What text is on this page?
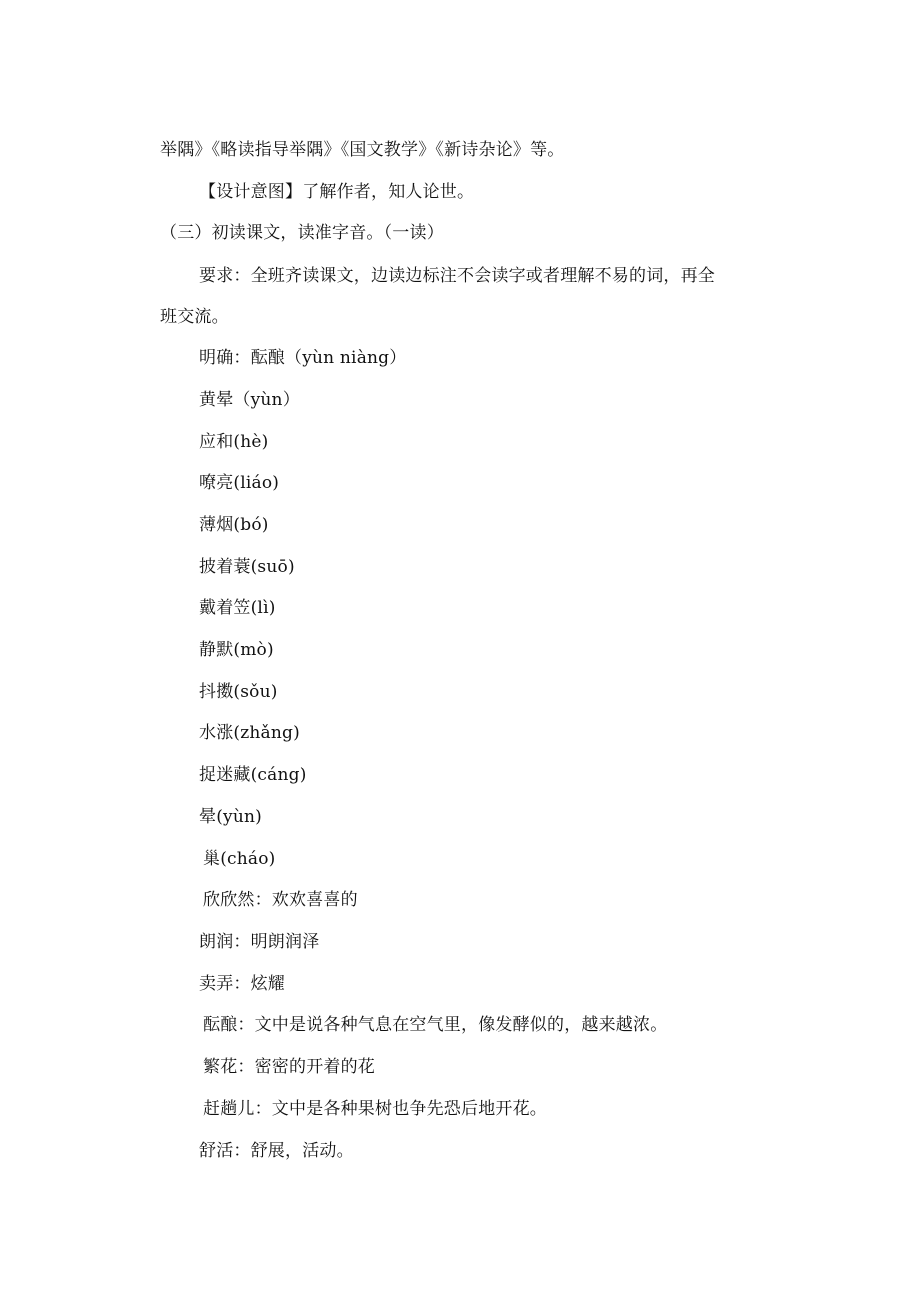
举隅》《略读指导举隅》《国文教学》《新诗杂论》等。
【设计意图】了解作者，知人论世。
（三）初读课文，读准字音。（一读）
要求：全班齐读课文，边读边标注不会读字或者理解不易的词，再全
班交流。
明确：酝酿（yùn niàng）
黄晕（yùn）
应和(hè)
嘹亮(liáo)
薄烟(bó)
披着蓑(suō)
戴着笠(lì)
静默(mò)
抖擞(sǒu)
水涨(zhǎng)
捉迷藏(cáng)
晕(yùn)
巢(cháo)
欣欣然：欢欢喜喜的
朗润：明朗润泽
卖弄：炫耀
酝酿：文中是说各种气息在空气里，像发酵似的，越来越浓。
繁花：密密的开着的花
赶趟儿：文中是各种果树也争先恐后地开花。
舒活：舒展，活动。
